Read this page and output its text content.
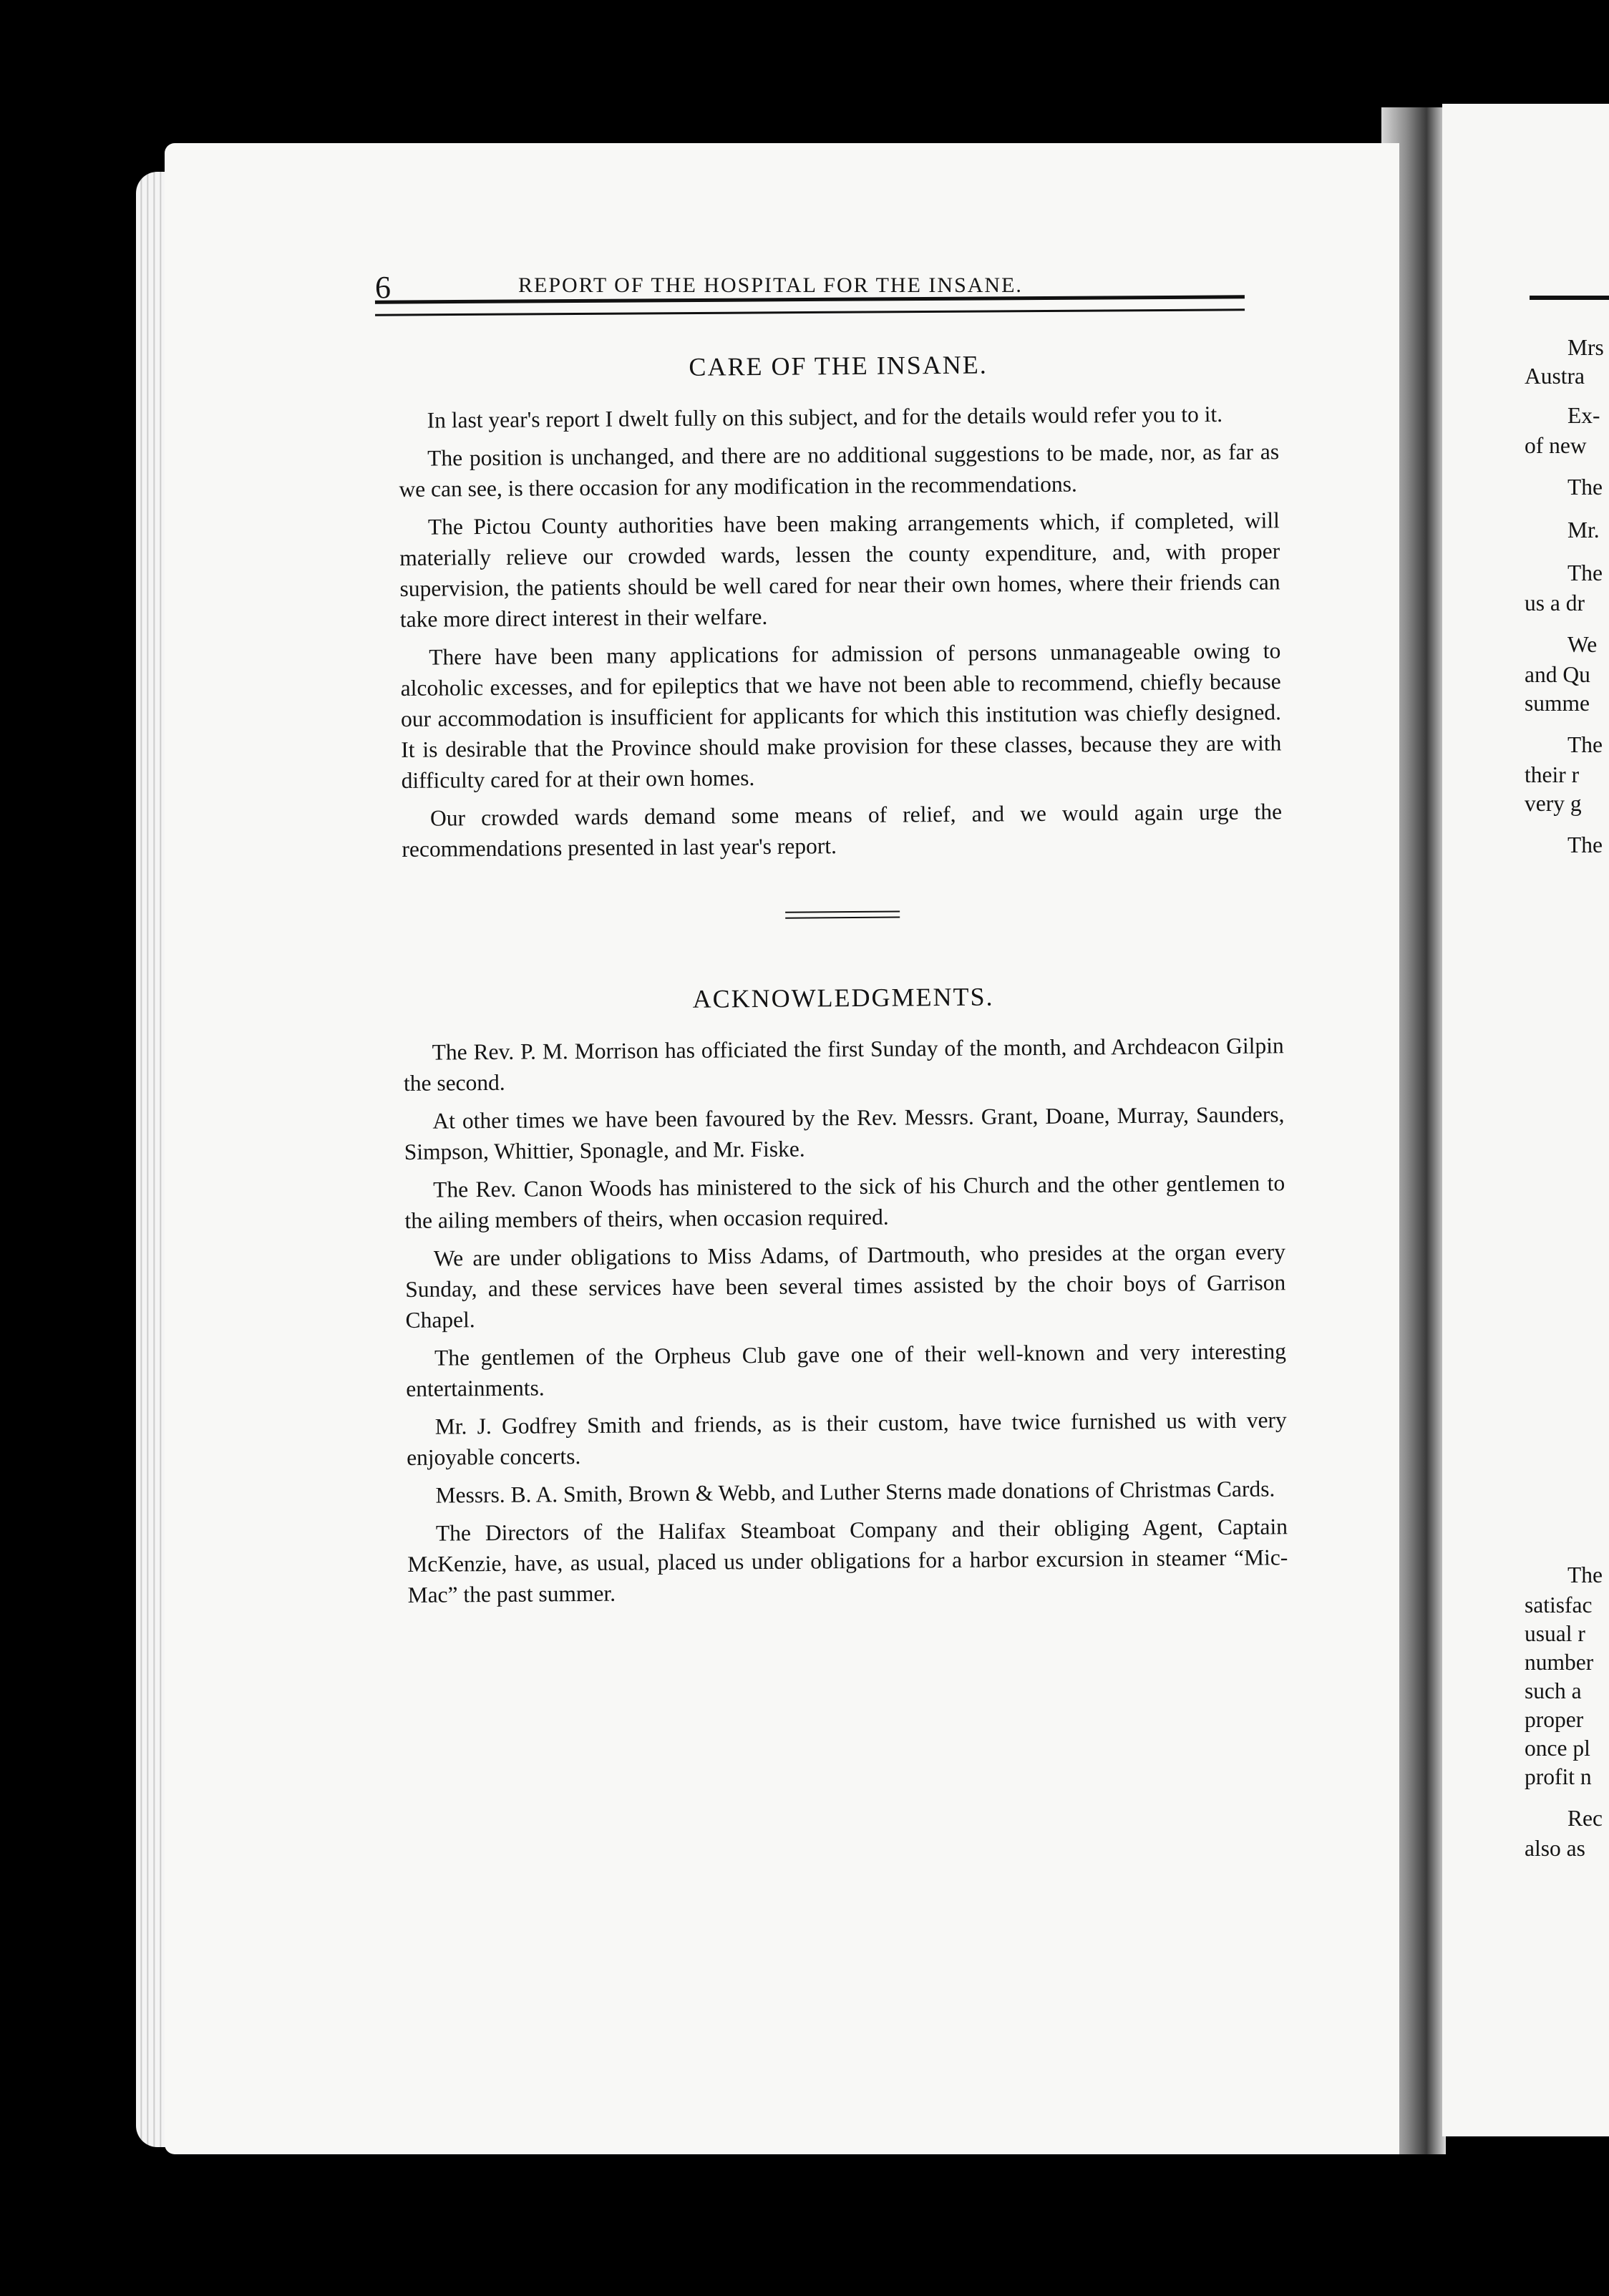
6	REPORT OF THE HOSPITAL FOR THE INSANE.
CARE OF THE INSANE.

In last year's report I dwelt fully on this subject, and for the details would refer you to it.

The position is unchanged, and there are no additional suggestions to be made, nor, as far as we can see, is there occasion for any modification in the recommendations.

The Pictou County authorities have been making arrangements which, if completed, will materially relieve our crowded wards, lessen the county expenditure, and, with proper supervision, the patients should be well cared for near their own homes, where their friends can take more direct interest in their welfare.

There have been many applications for admission of persons unmanageable owing to alcoholic excesses, and for epileptics that we have not been able to recommend, chiefly because our accommodation is insufficient for applicants for which this institution was chiefly designed. It is desirable that the Province should make provision for these classes, because they are with difficulty cared for at their own homes.

Our crowded wards demand some means of relief, and we would again urge the recommendations presented in last year's report.

ACKNOWLEDGMENTS.

The Rev. P. M. Morrison has officiated the first Sunday of the month, and Archdeacon Gilpin the second.

At other times we have been favoured by the Rev. Messrs. Grant, Doane, Murray, Saunders, Simpson, Whittier, Sponagle, and Mr. Fiske.

The Rev. Canon Woods has ministered to the sick of his Church and the other gentlemen to the ailing members of theirs, when occasion required.

We are under obligations to Miss Adams, of Dartmouth, who presides at the organ every Sunday, and these services have been several times assisted by the choir boys of Garrison Chapel.

The gentlemen of the Orpheus Club gave one of their well-known and very interesting entertainments.

Mr. J. Godfrey Smith and friends, as is their custom, have twice furnished us with very enjoyable concerts.

Messrs. B. A. Smith, Brown & Webb, and Luther Sterns made donations of Christmas Cards.

The Directors of the Halifax Steamboat Company and their obliging Agent, Captain McKenzie, have, as usual, placed us under obligations for a harbor excursion in steamer “Mic-Mac” the past summer.

Mrs
Austra
Ex-
of new
The
Mr.
The
us a dr
We
and Qu
summe
The
their r
very g
The
The
satisfac
usual r
number
such a
proper
once pl
profit n
Rec
also as
